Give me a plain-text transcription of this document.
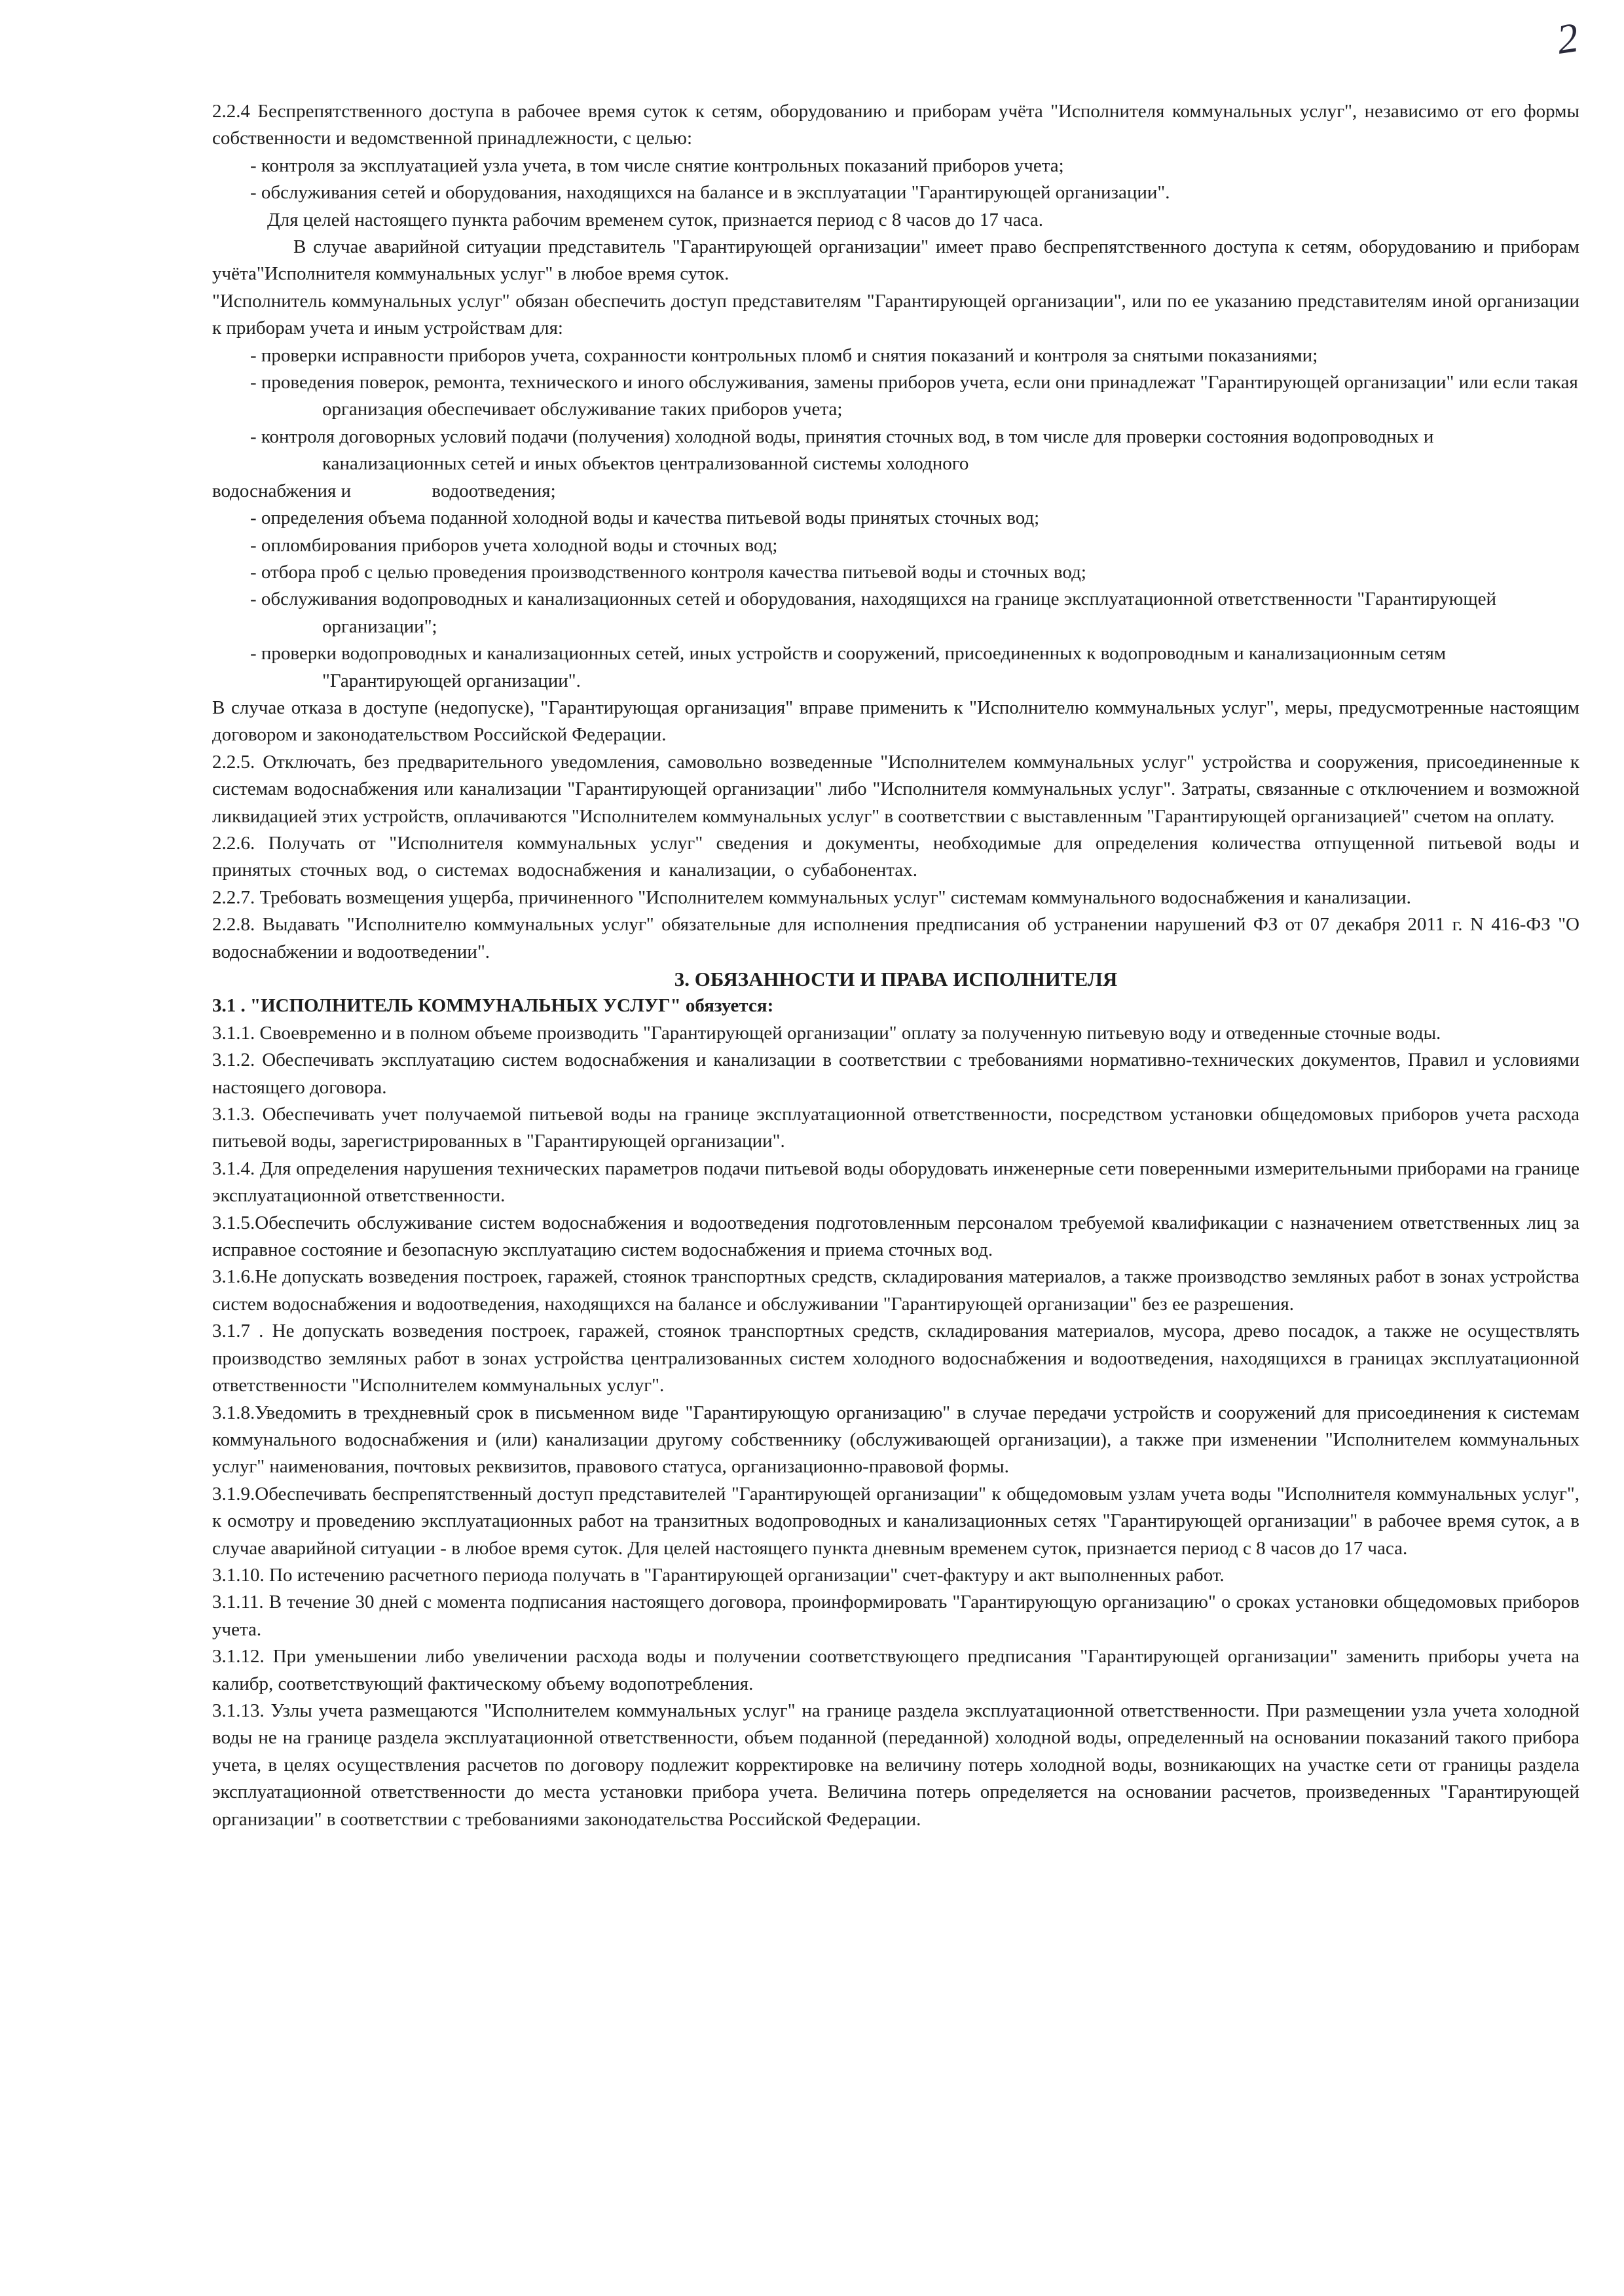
2

2.2.4 Беспрепятственного доступа в рабочее время суток к сетям, оборудованию и приборам учёта "Исполнителя коммунальных услуг", независимо от его формы собственности и ведомственной принадлежности, с целью:

- контроля за эксплуатацией узла учета, в том числе снятие контрольных показаний приборов учета;

- обслуживания сетей и оборудования, находящихся на балансе и в эксплуатации "Гарантирующей организации".

Для целей настоящего пункта рабочим временем суток, признается период с 8 часов до 17 часа.

В случае аварийной ситуации представитель "Гарантирующей организации" имеет право беспрепятственного доступа к сетям, оборудованию и приборам учёта"Исполнителя коммунальных услуг" в любое время суток.

"Исполнитель коммунальных услуг" обязан обеспечить доступ представителям "Гарантирующей организации", или по ее указанию представителям иной организации к приборам учета и иным устройствам для:

- проверки исправности приборов учета, сохранности контрольных пломб и снятия показаний и контроля за снятыми показаниями;

- проведения поверок, ремонта, технического и иного обслуживания, замены приборов учета, если они принадлежат "Гарантирующей организации" или если такая организация обеспечивает обслуживание таких приборов учета;

- контроля договорных условий подачи (получения) холодной воды, принятия сточных вод, в том числе для проверки состояния водопроводных и канализационных сетей и иных объектов централизованной системы холодного

водоснабжения и                 водоотведения;

- определения объема поданной холодной воды и качества питьевой воды принятых сточных вод;

- опломбирования приборов учета холодной воды и сточных вод;

- отбора проб с целью проведения производственного контроля качества питьевой воды и сточных вод;

- обслуживания водопроводных и канализационных сетей и оборудования, находящихся на границе эксплуатационной ответственности "Гарантирующей организации";

- проверки водопроводных и канализационных сетей, иных устройств и сооружений, присоединенных к водопроводным и канализационным сетям "Гарантирующей организации".

В случае отказа в доступе (недопуске), "Гарантирующая организация" вправе применить к "Исполнителю коммунальных услуг", меры, предусмотренные настоящим договором и законодательством Российской Федерации.

2.2.5. Отключать, без предварительного уведомления, самовольно возведенные "Исполнителем коммунальных услуг" устройства и сооружения, присоединенные к системам водоснабжения или канализации "Гарантирующей организации" либо "Исполнителя коммунальных услуг". Затраты, связанные с отключением и возможной ликвидацией этих устройств, оплачиваются "Исполнителем коммунальных услуг" в соответствии с выставленным "Гарантирующей организацией" счетом на оплату.

2.2.6. Получать от "Исполнителя коммунальных услуг" сведения и документы, необходимые для определения количества отпущенной питьевой воды и принятых сточных вод, о системах водоснабжения и канализации, о субабонентах.

2.2.7. Требовать возмещения ущерба, причиненного "Исполнителем коммунальных услуг" системам коммунального водоснабжения и канализации.

2.2.8. Выдавать "Исполнителю коммунальных услуг" обязательные для исполнения предписания об устранении нарушений ФЗ от 07 декабря 2011 г. N 416-ФЗ "О водоснабжении и водоотведении".

3. ОБЯЗАННОСТИ И ПРАВА ИСПОЛНИТЕЛЯ

3.1 . "ИСПОЛНИТЕЛЬ КОММУНАЛЬНЫХ УСЛУГ" обязуется:

3.1.1. Своевременно и в полном объеме производить "Гарантирующей организации" оплату за полученную питьевую воду и отведенные сточные воды.

3.1.2. Обеспечивать эксплуатацию систем водоснабжения и канализации в соответствии с требованиями нормативно-технических документов, Правил и условиями настоящего договора.

3.1.3. Обеспечивать учет получаемой питьевой воды на границе эксплуатационной ответственности, посредством установки общедомовых приборов учета расхода питьевой воды, зарегистрированных в "Гарантирующей организации".

3.1.4. Для определения нарушения технических параметров подачи питьевой воды оборудовать инженерные сети поверенными измерительными приборами на границе эксплуатационной ответственности.

3.1.5.Обеспечить обслуживание систем водоснабжения и водоотведения подготовленным персоналом требуемой квалификации с назначением ответственных лиц за исправное состояние и безопасную эксплуатацию систем водоснабжения и приема сточных вод.

3.1.6.Не допускать возведения построек, гаражей, стоянок транспортных средств, складирования материалов, а также производство земляных работ в зонах устройства систем водоснабжения и водоотведения, находящихся на балансе и обслуживании "Гарантирующей организации" без ее разрешения.

3.1.7 . Не допускать возведения построек, гаражей, стоянок транспортных средств, складирования материалов, мусора, древо посадок, а также не осуществлять производство земляных работ в зонах устройства централизованных систем холодного водоснабжения и водоотведения, находящихся в границах эксплуатационной ответственности "Исполнителем коммунальных услуг".

3.1.8.Уведомить в трехдневный срок в письменном виде "Гарантирующую организацию" в случае передачи устройств и сооружений для присоединения к системам коммунального водоснабжения и (или) канализации другому собственнику (обслуживающей организации), а также при изменении "Исполнителем коммунальных услуг" наименования, почтовых реквизитов, правового статуса, организационно-правовой формы.

3.1.9.Обеспечивать беспрепятственный доступ представителей "Гарантирующей организации" к общедомовым узлам учета воды "Исполнителя коммунальных услуг", к осмотру и проведению эксплуатационных работ на транзитных водопроводных и канализационных сетях "Гарантирующей организации" в рабочее время суток, а в случае аварийной ситуации - в любое время суток. Для целей настоящего пункта дневным временем суток, признается период с 8 часов до 17 часа.

3.1.10. По истечению расчетного периода получать в "Гарантирующей организации" счет-фактуру и акт выполненных работ.

3.1.11. В течение 30 дней с момента подписания настоящего договора, проинформировать "Гарантирующую организацию" о сроках установки общедомовых приборов учета.

3.1.12. При уменьшении либо увеличении расхода воды и получении соответствующего предписания "Гарантирующей организации" заменить приборы учета на калибр, соответствующий фактическому объему водопотребления.

3.1.13. Узлы учета размещаются "Исполнителем коммунальных услуг" на границе раздела эксплуатационной ответственности. При размещении узла учета холодной воды не на границе раздела эксплуатационной ответственности, объем поданной (переданной) холодной воды, определенный на основании показаний такого прибора учета, в целях осуществления расчетов по договору подлежит корректировке на величину потерь холодной воды, возникающих на участке сети от границы раздела эксплуатационной ответственности до места установки прибора учета. Величина потерь определяется на основании расчетов, произведенных "Гарантирующей организации" в соответствии с требованиями законодательства Российской Федерации.
